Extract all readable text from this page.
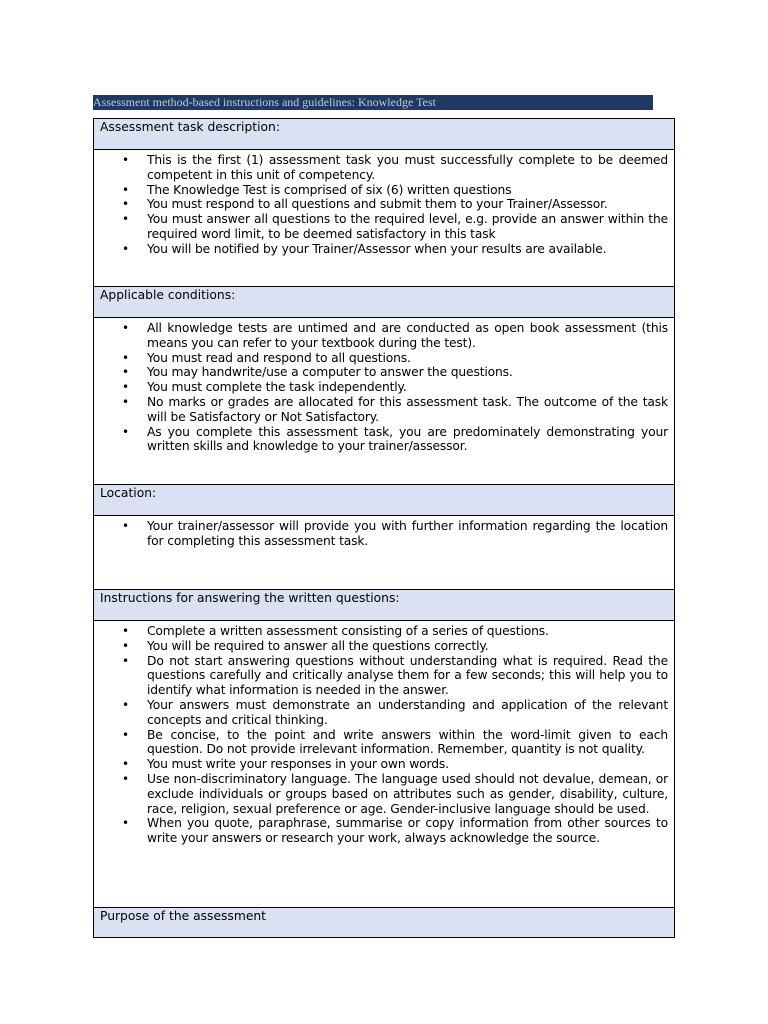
Assessment method-based instructions and guidelines: Knowledge Test
Assessment task description:
• This is the first (1) assessment task you must successfully complete to be deemed competent in this unit of competency.
• The Knowledge Test is comprised of six (6) written questions
• You must respond to all questions and submit them to your Trainer/Assessor.
• You must answer all questions to the required level, e.g. provide an answer within the required word limit, to be deemed satisfactory in this task
• You will be notified by your Trainer/Assessor when your results are available.
Applicable conditions:
• All knowledge tests are untimed and are conducted as open book assessment (this means you can refer to your textbook during the test).
• You must read and respond to all questions.
• You may handwrite/use a computer to answer the questions.
• You must complete the task independently.
• No marks or grades are allocated for this assessment task. The outcome of the task will be Satisfactory or Not Satisfactory.
• As you complete this assessment task, you are predominately demonstrating your written skills and knowledge to your trainer/assessor.
Location:
• Your trainer/assessor will provide you with further information regarding the location for completing this assessment task.
Instructions for answering the written questions:
• Complete a written assessment consisting of a series of questions.
• You will be required to answer all the questions correctly.
• Do not start answering questions without understanding what is required. Read the questions carefully and critically analyse them for a few seconds; this will help you to identify what information is needed in the answer.
• Your answers must demonstrate an understanding and application of the relevant concepts and critical thinking.
• Be concise, to the point and write answers within the word-limit given to each question. Do not provide irrelevant information. Remember, quantity is not quality.
• You must write your responses in your own words.
• Use non-discriminatory language. The language used should not devalue, demean, or exclude individuals or groups based on attributes such as gender, disability, culture, race, religion, sexual preference or age. Gender-inclusive language should be used.
• When you quote, paraphrase, summarise or copy information from other sources to write your answers or research your work, always acknowledge the source.
Purpose of the assessment
